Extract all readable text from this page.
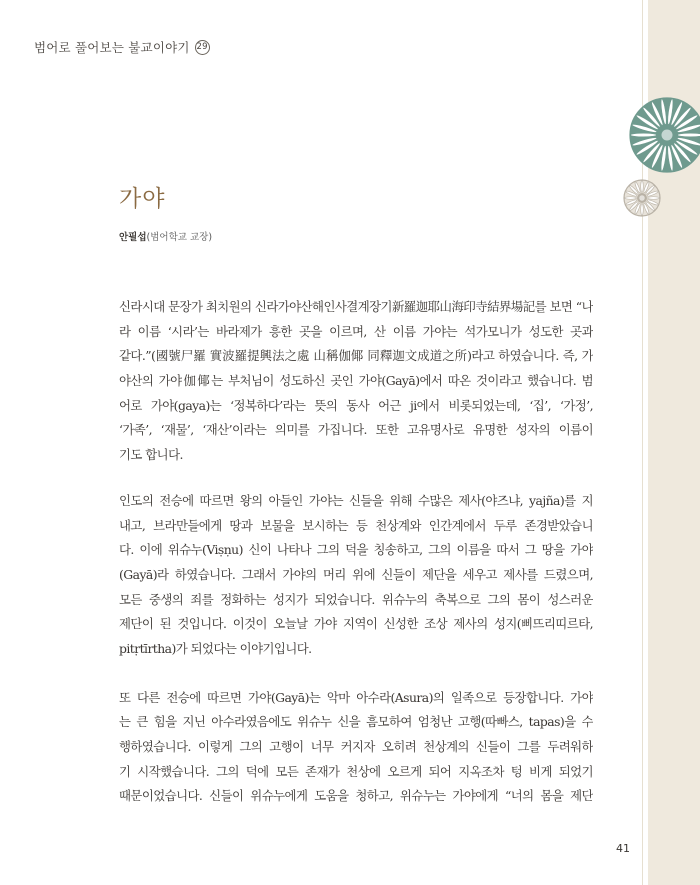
범어로 풀어보는 불교이야기 29
가야
안필섭(범어학교 교장)
신라시대 문장가 최치원의 신라가야산해인사결계장기新羅迦耶山海印寺結界場記를 보면 “나
라 이름 ‘시라’는 바라제가 흥한 곳을 이르며, 산 이름 가야는 석가모니가 성도한 곳과
같다.”(國號尸羅 實波羅提興法之處 山稱伽倻 同釋迦文成道之所)라고 하였습니다. 즉, 가
야산의 가야伽倻는 부처님이 성도하신 곳인 가야(Gayā)에서 따온 것이라고 했습니다. 범
어로 가야(gaya)는 ‘정복하다’라는 뜻의 동사 어근 ji에서 비롯되었는데, ‘집’, ‘가정’,
‘가족’, ‘재물’, ‘재산’이라는 의미를 가집니다. 또한 고유명사로 유명한 성자의 이름이
기도 합니다.
인도의 전승에 따르면 왕의 아들인 가야는 신들을 위해 수많은 제사(야즈냐, yajña)를 지
내고, 브라만들에게 땅과 보물을 보시하는 등 천상계와 인간계에서 두루 존경받았습니
다. 이에 위슈누(Viṣṇu) 신이 나타나 그의 덕을 칭송하고, 그의 이름을 따서 그 땅을 가야
(Gayā)라 하였습니다. 그래서 가야의 머리 위에 신들이 제단을 세우고 제사를 드렸으며,
모든 중생의 죄를 정화하는 성지가 되었습니다. 위슈누의 축복으로 그의 몸이 성스러운
제단이 된 것입니다. 이것이 오늘날 가야 지역이 신성한 조상 제사의 성지(삐뜨리띠르타,
pitṛtīrtha)가 되었다는 이야기입니다.
또 다른 전승에 따르면 가야(Gayā)는 악마 아수라(Asura)의 일족으로 등장합니다. 가야
는 큰 힘을 지닌 아수라였음에도 위슈누 신을 흠모하여 엄청난 고행(따빠스, tapas)을 수
행하였습니다. 이렇게 그의 고행이 너무 커지자 오히려 천상계의 신들이 그를 두려워하
기 시작했습니다. 그의 덕에 모든 존재가 천상에 오르게 되어 지옥조차 텅 비게 되었기
때문이었습니다. 신들이 위슈누에게 도움을 청하고, 위슈누는 가야에게 “너의 몸을 제단
41
